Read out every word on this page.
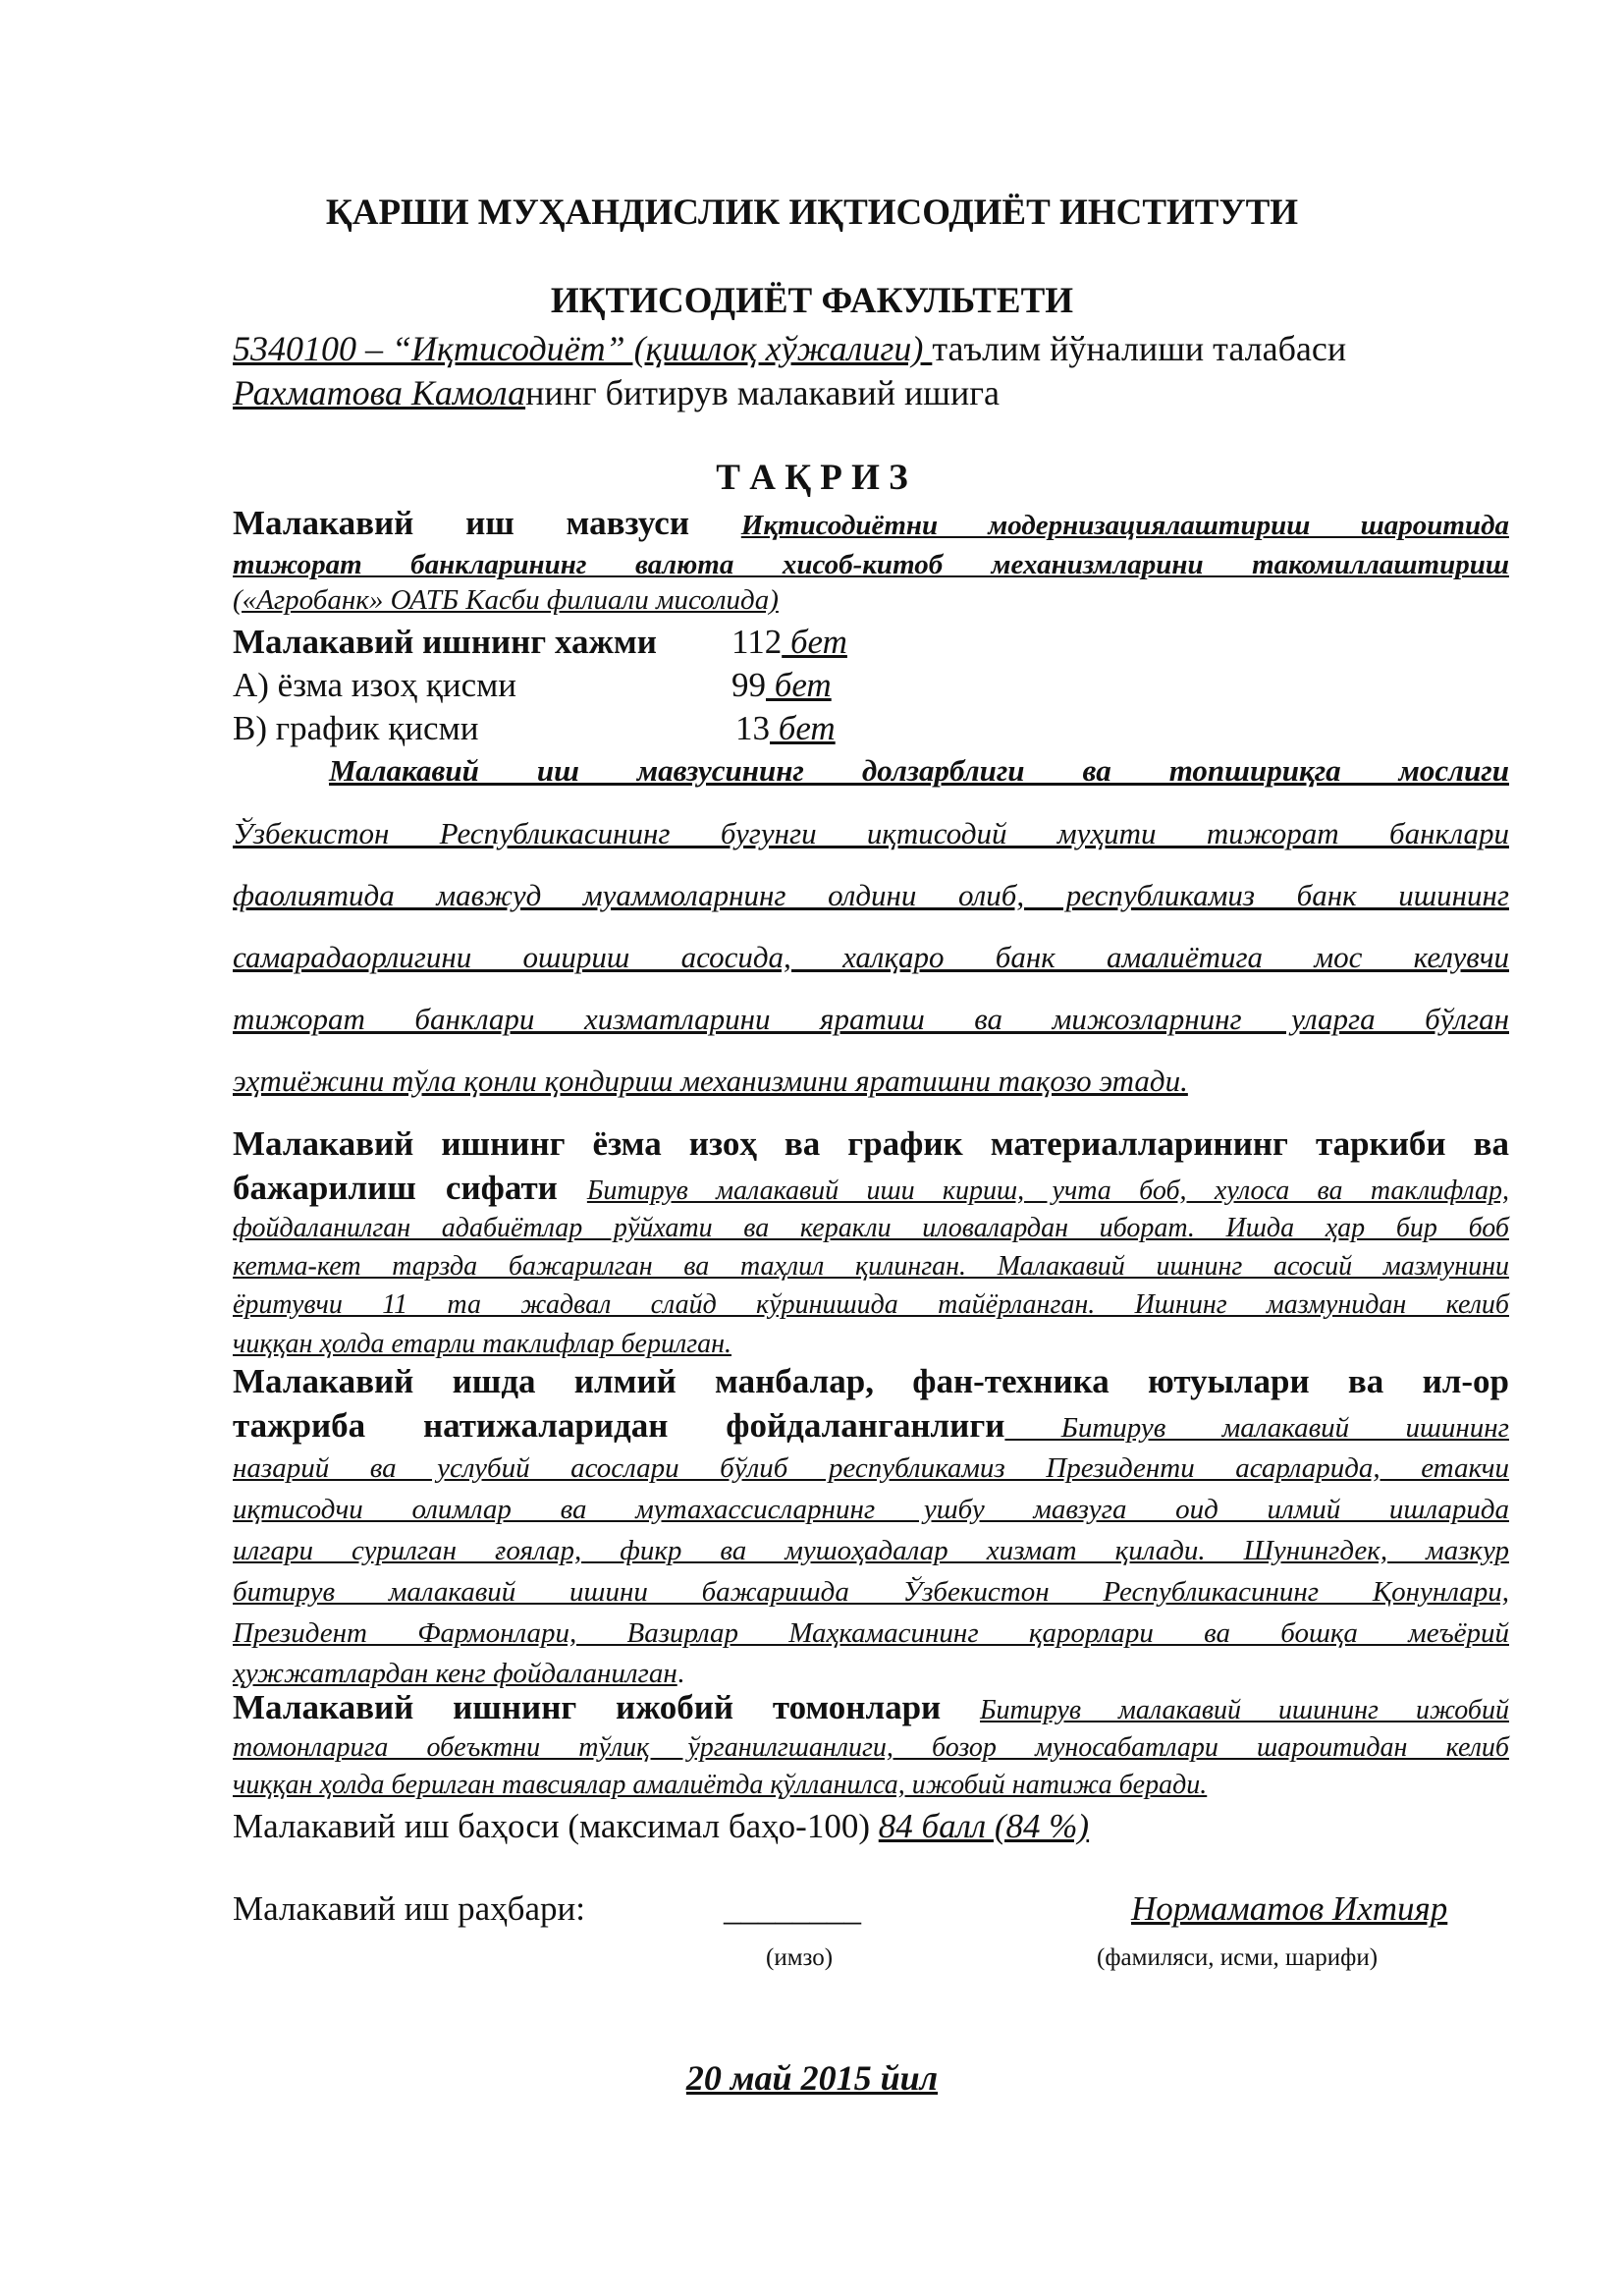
ҚАРШИ МУҲАНДИСЛИК ИҚТИСОДИЁТ ИНСТИТУТИ
ИҚТИСОДИЁТ ФАКУЛЬТЕТИ
5340100 – “Иқтисодиёт” (қишлоқ хўжалиги) таълим йўналиши талабаси
Рахматова Камоланинг битирув малакавий ишига
Т А Қ Р И З
Малакавий иш мавзуси Иқтисодиётни модернизациялаштириш шароитида
тижорат банкларининг валюта хисоб-китоб механизмларини такомиллаштириш
(«Агробанк» ОАТБ Касби филиали мисолида)
Малакавий ишнинг хажми 112 бет
А) ёзма изоҳ қисми	99 бет
В) график қисми	13 бет
Малакавий иш мавзусининг долзарблиги ва топшириқга мослиги
Ўзбекистон Республикасининг бугунги иқтисодий муҳити тижорат банклари
фаолиятида мавжуд муаммоларнинг олдини олиб, республикамиз банк ишининг
самарадаорлигини ошириш асосида, халқаро банк амалиётига мос келувчи
тижорат банклари хизматларини яратиш ва мижозларнинг уларга бўлган
эҳтиёжини тўла қонли қондириш механизмини яратишни тақозо этади.
Малакавий ишнинг ёзма изоҳ ва график материалларининг таркиби ва
бажарилиш сифати Битирув малакавий иши кириш, учта боб, хулоса ва таклифлар,
фойдаланилган адабиётлар рўйхати ва керакли иловалардан иборат. Ишда ҳар бир боб
кетма-кет тарзда бажарилган ва таҳлил қилинган. Малакавий ишнинг асосий мазмунини
ёритувчи 11 та жадвал слайд кўринишида тайёрланган. Ишнинг мазмунидан келиб
чиққан ҳолда етарли таклифлар берилган.
Малакавий ишда илмий манбалар, фан-техника ютуылари ва ил-ор
тажриба натижаларидан фойдаланганлиги Битирув малакавий ишининг
назарий ва услубий асослари бўлиб республикамиз Президенти асарларида, етакчи
иқтисодчи олимлар ва мутахассисларнинг ушбу мавзуга оид илмий ишларида
илгари сурилган ғоялар, фикр ва мушоҳадалар хизмат қилади. Шунингдек, мазкур
битирув малакавий ишини бажаришда Ўзбекистон Республикасининг Қонунлари,
Президент Фармонлари, Вазирлар Маҳкамасининг қарорлари ва бошқа меъёрий
ҳужжатлардан кенг фойдаланилган.
Малакавий ишнинг ижобий томонлари Битирув малакавий ишининг ижобий
томонларига обеъктни тўлиқ ўрганилгшанлиги, бозор муносабатлари шароитидан келиб
чиққан ҳолда берилган тавсиялар амалиётда қўлланилса, ижобий натижа беради.
Малакавий иш баҳоси (максимал баҳо-100) 84 балл (84 %)
Малакавий иш раҳбари:	________	Нормаматов Ихтияр
(имзо)	(фамиляси, исми, шарифи)
20 май 2015 йил
